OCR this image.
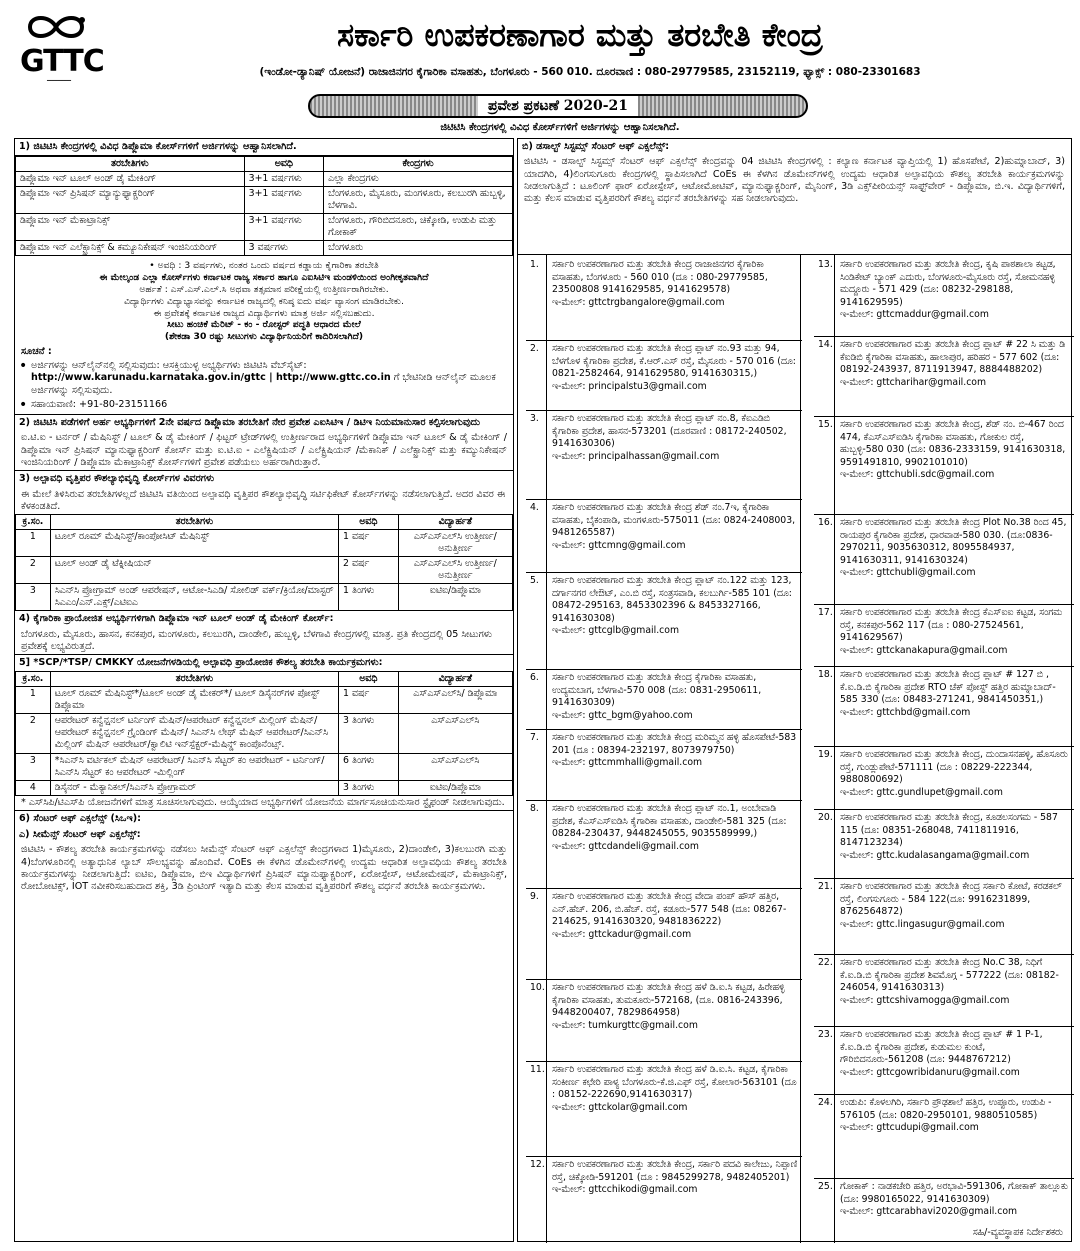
GTTC
━━━━━━━━
ಸರ್ಕಾರಿ ಉಪಕರಣಾಗಾರ ಮತ್ತು ತರಬೇತಿ ಕೇಂದ್ರ
(ಇಂಡೋ-ಡ್ಯಾನಿಷ್ ಯೋಜನೆ) ರಾಜಾಜಿನಗರ ಕೈಗಾರಿಕಾ ವಸಾಹತು, ಬೆಂಗಳೂರು - 560 010. ದೂರವಾಣಿ : 080-29779585, 23152119, ಫ್ಯಾಕ್ಸ್ : 080-23301683
ಪ್ರವೇಶ ಪ್ರಕಟಣೆ 2020-21
ಜಿಟಿಟಿಸಿ ಕೇಂದ್ರಗಳಲ್ಲಿ ವಿವಿಧ ಕೋರ್ಸ್‌ಗಳಿಗೆ ಅರ್ಜಿಗಳನ್ನು ಆಹ್ವಾನಿಸಲಾಗಿದೆ.
1) ಜಿಟಿಟಿಸಿ ಕೇಂದ್ರಗಳಲ್ಲಿ ವಿವಿಧ ಡಿಪ್ಲೊಮಾ ಕೋರ್ಸ್‌ಗಳಿಗೆ ಅರ್ಜಿಗಳನ್ನು ಆಹ್ವಾನಿಸಲಾಗಿದೆ.
ತರಬೇತಿಗಳು	ಅವಧಿ	ಕೇಂದ್ರಗಳು
ಡಿಪ್ಲೊಮಾ ಇನ್ ಟೂಲ್ ಅಂಡ್ ಡೈ ಮೇಕಿಂಗ್	3+1 ವರ್ಷಗಳು	ಎಲ್ಲಾ ಕೇಂದ್ರಗಳು
ಡಿಪ್ಲೊಮಾ ಇನ್ ಪ್ರಿಸಿಷನ್ ಮ್ಯಾನ್ಯುಫ್ಯಾಕ್ಚರಿಂಗ್	3+1 ವರ್ಷಗಳು	ಬೆಂಗಳೂರು, ಮೈಸೂರು, ಮಂಗಳೂರು, ಕಲಬುರಗಿ ಹುಬ್ಬಳ್ಳಿ, ಬೆಳಗಾವಿ.
ಡಿಪ್ಲೊಮಾ ಇನ್ ಮೆಕಾಟ್ರಾನಿಕ್ಸ್	3+1 ವರ್ಷಗಳು	ಬೆಂಗಳೂರು, ಗೌರಿಬಿದನೂರು, ಚಿಕ್ಕೋಡಿ, ಉಡುಪಿ ಮತ್ತು ಗೋಕಾಕ್
ಡಿಪ್ಲೊಮಾ ಇನ್ ಎಲೆಕ್ಟ್ರಾನಿಕ್ಸ್ & ಕಮ್ಯೂನಿಕೇಷನ್ ಇಂಜಿನಿಯರಿಂಗ್	3 ವರ್ಷಗಳು	ಬೆಂಗಳೂರು
• ಅವಧಿ : 3 ವರ್ಷಗಳು, ನಂತರ ಒಂದು ವರ್ಷದ ಕಡ್ಡಾಯ ಕೈಗಾರಿಕಾ ತರಬೇತಿ
ಈ ಮೇಲ್ಕಂಡ ಎಲ್ಲಾ ಕೋರ್ಸ್‌ಗಳು ಕರ್ನಾಟಕ ರಾಜ್ಯ ಸರ್ಕಾರ ಹಾಗೂ ಎಐಸಿಟಿಇ ಮಂಡಳಿಯಿಂದ ಅಂಗೀಕೃತವಾಗಿದೆ
ಅರ್ಹತೆ : ಎಸ್.ಎಸ್.ಎಲ್.ಸಿ ಅಥವಾ ತತ್ಸಮಾನ ಪರೀಕ್ಷೆಯಲ್ಲಿ ಉತ್ತೀರ್ಣರಾಗಿರಬೇಕು.
ವಿದ್ಯಾರ್ಥಿಗಳು ವಿದ್ಯಾಭ್ಯಾಸವನ್ನು ಕರ್ನಾಟಕ ರಾಜ್ಯದಲ್ಲಿ ಕನಿಷ್ಠ ಐದು ವರ್ಷ ವ್ಯಾಸಂಗ ಮಾಡಿರಬೇಕು.
ಈ ಪ್ರವೇಶಕ್ಕೆ ಕರ್ನಾಟಕ ರಾಜ್ಯದ ವಿದ್ಯಾರ್ಥಿಗಳು ಮಾತ್ರ ಅರ್ಜಿ ಸಲ್ಲಿಸಬಹುದು.
ಸೀಟು ಹಂಚಿಕೆ ಮೆರಿಟ್ - ಕಂ - ರೋಸ್ಟರ್ ಪದ್ಧತಿ ಆಧಾರದ ಮೇಲೆ
(ಶೇಕಡಾ 30 ರಷ್ಟು ಸೀಟುಗಳು ವಿದ್ಯಾರ್ಥಿನಿಯರಿಗೆ ಕಾದಿರಿಸಲಾಗಿದೆ)
ಸೂಚನೆ :
• ಅರ್ಜಿಗಳನ್ನು ಆನ್‌ಲೈನ್‌ನಲ್ಲಿ ಸಲ್ಲಿಸುವುದು: ಆಸಕ್ತಿಯುಳ್ಳ ಅಭ್ಯರ್ಥಿಗಳು ಜಿಟಿಟಿಸಿ ವೆಬ್‌ಸೈಟ್: http://www.karunadu.karnataka.gov.in/gttc | http://www.gttc.co.in ಗೆ ಭೇಟಿನೀಡಿ ಆನ್‌ಲೈನ್ ಮೂಲಕ ಅರ್ಜಿಗಳನ್ನು ಸಲ್ಲಿಸುವುದು.
• ಸಹಾಯವಾಣಿ: +91-80-23151166
2) ಜಿಟಿಟಿಸಿ ಪಡೆಗಳಿಗೆ ಅರ್ಹ ಅಭ್ಯರ್ಥಿಗಳಿಗೆ 2ನೇ ವರ್ಷದ ಡಿಪ್ಲೊಮಾ ತರಬೇತಿಗೆ ನೇರ ಪ್ರವೇಶ ಎಐಸಿಟಿಇ / ಡಿಟಿಇ ನಿಯಮಾನುಸಾರ ಕಲ್ಪಿಸಲಾಗುವುದು
ಐ.ಟಿ.ಐ - ಟರ್ನರ್ / ಮೆಷಿನಿಸ್ಟ್ / ಟೂಲ್ & ಡೈ ಮೇಕಿಂಗ್ / ಫಿಟ್ಟರ್ ಟ್ರೇಡ್‌ಗಳಲ್ಲಿ ಉತ್ತೀರ್ಣರಾದ ಅಭ್ಯರ್ಥಿಗಳಿಗೆ ಡಿಪ್ಲೊಮಾ ಇನ್ ಟೂಲ್ & ಡೈ ಮೇಕಿಂಗ್ / ಡಿಪ್ಲೊಮಾ ಇನ್ ಪ್ರಿಸಿಷನ್ ಮ್ಯಾನುಫ್ಯಾಕ್ಚರಿಂಗ್ ಕೋರ್ಸ್ ಮತ್ತು ಐ.ಟಿ.ಐ - ಎಲೆಕ್ಟ್ರಿಷಿಯನ್ / ಎಲೆಕ್ಟ್ರಿಷಿಯನ್ /ಮೆಕಾನಿಕ್ / ಎಲೆಕ್ಟ್ರಾನಿಕ್ಸ್ ಮತ್ತು ಕಮ್ಯುನಿಕೇಷನ್ ಇಂಜಿನಿಯರಿಂಗ್ / ಡಿಪ್ಲೊಮಾ ಮೆಕಾಟ್ರಾನಿಕ್ಸ್ ಕೋರ್ಸ್‌ಗಳಿಗೆ ಪ್ರವೇಶ ಪಡೆಯಲು ಅರ್ಹರಾಗಿರುತ್ತಾರೆ.
3) ಅಲ್ಪಾವಧಿ ವೃತ್ತಿಪರ ಕೌಶಲ್ಯಾಭಿವೃದ್ಧಿ ಕೋರ್ಸ್‌ಗಳ ವಿವರಗಳು
ಈ ಮೇಲೆ ತಿಳಿಸಿರುವ ತರಬೇತಿಗಳಲ್ಲದೆ ಜಿಟಿಟಿಸಿ ವತಿಯಿಂದ ಅಲ್ಪಾವಧಿ ವೃತ್ತಿಪರ ಕೌಶಲ್ಯಾಭಿವೃದ್ಧಿ ಸರ್ಟಿಫಿಕೇಟ್ ಕೋರ್ಸ್‌ಗಳನ್ನು ನಡೆಸಲಾಗುತ್ತಿದೆ. ಅದರ ವಿವರ ಈ ಕೆಳಕಂಡತಿದೆ.
ಕ್ರ.ಸಂ.	ತರಬೇತಿಗಳು	ಅವಧಿ	ವಿದ್ಯಾರ್ಹತೆ
1	ಟೂಲ್ ರೂಮ್ ಮೆಷಿನಿಸ್ಟ್/ಕಾಂಪೋಸಿಟ್ ಮೆಷಿನಿಸ್ಟ್	1 ವರ್ಷ	ಎಸ್‌ಎಸ್‌ಎಲ್‌ಸಿ ಉತ್ತೀರ್ಣ/ಅನುತ್ತೀರ್ಣ
2	ಟೂಲ್ ಅಂಡ್ ಡೈ ಟೆಕ್ನೀಷಿಯನ್	2 ವರ್ಷ	ಎಸ್‌ಎಸ್‌ಎಲ್‌ಸಿ ಉತ್ತೀರ್ಣ/ಅನುತ್ತೀರ್ಣ
3	ಸಿಎನ್‌ಸಿ ಪ್ರೋಗ್ರಾಮ್ ಅಂಡ್ ಆಪರೇಷನ್, ಆಟೋ-ಸಿಎಡಿ/ ಸೋಲಿಡ್ ವರ್ಕ್/ಕ್ರಿಯೋ/ಮಾಸ್ಟರ್ ಸಿಎಎಂ/ಎನ್.ಎಕ್ಸ್/ಎಟಿಐಎ	1 ತಿಂಗಳು	ಐಟಿಐ/ಡಿಪ್ಲೊಮಾ
4) ಕೈಗಾರಿಕಾ ಪ್ರಾಯೋಜಿತ ಅಭ್ಯರ್ಥಿಗಳಿಗಾಗಿ ಡಿಪ್ಲೊಮಾ ಇನ್ ಟೂಲ್ ಅಂಡ್ ಡೈ ಮೇಕಿಂಗ್ ಕೋರ್ಸ್:
ಬೆಂಗಳೂರು, ಮೈಸೂರು, ಹಾಸನ, ಕನಕಪುರ, ಮಂಗಳೂರು, ಕಲಬುರಗಿ, ದಾಂಡೇಲಿ, ಹುಬ್ಬಳ್ಳಿ, ಬೆಳಗಾವಿ ಕೇಂದ್ರಗಳಲ್ಲಿ ಮಾತ್ರ. ಪ್ರತಿ ಕೇಂದ್ರದಲ್ಲಿ 05 ಸೀಟುಗಳು ಪ್ರವೇಶಕ್ಕೆ ಲಭ್ಯವಿರುತ್ತದೆ.
5] *SCP/*TSP/ CMKKY ಯೋಜನೆಗಳಡಿಯಲ್ಲಿ ಅಲ್ಪಾವಧಿ ಪ್ರಾಯೋಜಿಕ ಕೌಶಲ್ಯ ತರಬೇತಿ ಕಾರ್ಯಕ್ರಮಗಳು:
ಕ್ರ.ಸಂ.	ತರಬೇತಿಗಳು	ಅವಧಿ	ವಿದ್ಯಾರ್ಹತೆ
1	ಟೂಲ್ ರೂಮ್ ಮೆಷಿನಿಸ್ಟ್*/ಟೂಲ್ ಅಂಡ್ ಡೈ ಮೇಕರ್*/ ಟೂಲ್ ಡಿಸೈನರ್‌ಗಳ ಪೋಸ್ಟ್ ಡಿಪ್ಲೊಮಾ	1 ವರ್ಷ	ಎಸ್‌ಎಸ್‌ಎಲ್‌ಸಿ/ ಡಿಪ್ಲೊಮಾ
2	ಆಪರೇಟರ್ ಕನ್ವೆನ್ಷನಲ್ ಟರ್ನಿಂಗ್ ಮೆಷಿನ್/ಆಪರೇಟರ್ ಕನ್ವೆನ್ಷನಲ್ ಮಿಲ್ಲಿಂಗ್ ಮೆಷಿನ್/ಆಪರೇಟರ್ ಕನ್ವೆನ್ಷನಲ್ ಗ್ರೈಂಡಿಂಗ್ ಮೆಷಿನ್/ ಸಿಎನ್‌ಸಿ ಲೇಥ್ ಮೆಷಿನ್ ಆಪರೇಟರ್/ಸಿಎನ್‌ಸಿ ಮಿಲ್ಲಿಂಗ್ ಮೆಷಿನ್ ಆಪರೇಟರ್/ಕ್ವಾಲಿಟಿ ಇನ್‌ಸ್ಪೆಕ್ಟರ್-ಮೆಷಿನ್ಡ್ ಕಾಂಪೊನೆಂಟ್ಸ್.	3 ತಿಂಗಳು	ಎಸ್‌ಎಸ್‌ಎಲ್‌ಸಿ
3	*ಸಿಎನ್‌ಸಿ ವರ್ಟಿಕಲ್ ಮೆಷಿನ್ ಆಪರೇಟರ್/ ಸಿಎನ್‌ಸಿ ಸೆಟ್ಟರ್ ಕಂ ಆಪರೇಟರ್ - ಟರ್ನಿಂಗ್/ಸಿಎನ್‌ಸಿ ಸೆಟ್ಟರ್ ಕಂ ಆಪರೇಟರ್ -ಮಿಲ್ಲಿಂಗ್	6 ತಿಂಗಳು	ಎಸ್‌ಎಸ್‌ಎಲ್‌ಸಿ
4	ಡಿಸೈನರ್ - ಮೆಕ್ಯಾನಿಕಲ್/ಸಿಎನ್‌ಸಿ ಪ್ರೋಗ್ರಾಮರ್	3 ತಿಂಗಳು	ಐಟಿಐ/ಡಿಪ್ಲೊಮಾ
* ಎಸ್‌ಸಿಪಿ/ಟಿಎಸ್‌ಪಿ ಯೋಜನೆಗಳಿಗೆ ಮಾತ್ರ ಸೂಚಿಸಲಾಗುವುದು. ಆಯ್ಕೆಯಾದ ಅಭ್ಯರ್ಥಿಗಳಿಗೆ ಯೋಜನೆಯ ಮಾರ್ಗಸೂಚಿಯನುಸಾರ ಸ್ಟೈಫಂಡ್ ನೀಡಲಾಗುವುದು.
6) ಸೆಂಟರ್ ಆಫ್ ಎಕ್ಸಲೆನ್ಸ್ (ಸಿಒಇ):
ಎ) ಸೀಮೆನ್ಸ್ ಸೆಂಟರ್ ಆಫ್ ಎಕ್ಸಲೆನ್ಸ್:
ಜಿಟಿಟಿಸಿ - ಕೌಶಲ್ಯ ತರಬೇತಿ ಕಾರ್ಯಕ್ರಮಗಳನ್ನು ನಡೆಸಲು ಸೀಮೆನ್ಸ್ ಸೆಂಟರ್ ಆಫ್ ಎಕ್ಸಲೆನ್ಸ್ ಕೇಂದ್ರಗಳಾದ 1)ಮೈಸೂರು, 2)ದಾಂಡೇಲಿ, 3)ಕಲಬುರಗಿ ಮತ್ತು 4)ಬೆಂಗಳೂರಿನಲ್ಲಿ ಅತ್ಯಾಧುನಿಕ ಲ್ಯಾಬ್ ಸೌಲಭ್ಯವನ್ನು ಹೊಂದಿವೆ. CoEs ಈ ಕೆಳಗಿನ ಡೊಮೇನ್‌ಗಳಲ್ಲಿ ಉದ್ಯಮ ಆಧಾರಿತ ಅಲ್ಪಾವಧಿಯ ಕೌಶಲ್ಯ ತರಬೇತಿ ಕಾರ್ಯಕ್ರಮಗಳನ್ನು ನೀಡಲಾಗುತ್ತಿದೆ: ಐಟಿಐ, ಡಿಪ್ಲೊಮಾ, ಬಿಇ ವಿದ್ಯಾರ್ಥಿಗಳಿಗೆ ಪ್ರಿಸಿಷನ್ ಮ್ಯಾನುಫ್ಯಾಕ್ಚರಿಂಗ್, ಏರೋಸ್ಪೇಸ್, ಆಟೋಮೇಷನ್, ಮೆಕಾಟ್ರಾನಿಕ್ಸ್, ರೋಬೋಟಿಕ್ಸ್, IOT ನವೀಕರಿಸಬಹುದಾದ ಶಕ್ತಿ, 3ಡಿ ಪ್ರಿಂಟಿಂಗ್ ಇತ್ಯಾದಿ ಮತ್ತು ಕೆಲಸ ಮಾಡುವ ವೃತ್ತಿಪರರಿಗೆ ಕೌಶಲ್ಯ ವರ್ಧನೆ ತರಬೇತಿ ಕಾರ್ಯಕ್ರಮಗಳು.
ಬಿ) ಡಸಾಲ್ಟ್ ಸಿಸ್ಟಮ್ಸ್ ಸೆಂಟರ್ ಆಫ್ ಎಕ್ಸಲೆನ್ಸ್:
ಜಿಟಿಟಿಸಿ - ಡಸಾಲ್ಟ್ ಸಿಸ್ಟಮ್ಸ್ ಸೆಂಟರ್ ಆಫ್ ಎಕ್ಸಲೆನ್ಸ್ ಕೇಂದ್ರವನ್ನು 04 ಜಿಟಿಟಿಸಿ ಕೇಂದ್ರಗಳಲ್ಲಿ : ಕಲ್ಯಾಣ ಕರ್ನಾಟಕ ವ್ಯಾಪ್ತಿಯಲ್ಲಿ 1) ಹೊಸಪೇಟೆ, 2)ಹುಮ್ನಾಬಾದ್, 3) ಯಾದಗಿರಿ, 4)ಲಿಂಗಸುಗೂರು ಕೇಂದ್ರಗಳಲ್ಲಿ ಸ್ಥಾಪಿಸಲಾಗಿದೆ CoEs ಈ ಕೆಳಗಿನ ಡೊಮೇನ್‌ಗಳಲ್ಲಿ ಉದ್ಯಮ ಆಧಾರಿತ ಅಲ್ಪಾವಧಿಯ ಕೌಶಲ್ಯ ತರಬೇತಿ ಕಾರ್ಯಕ್ರಮಗಳನ್ನು ನೀಡಲಾಗುತ್ತಿದೆ : ಟೂಲಿಂಗ್ ಫಾರ್ ಏರೋಸ್ಪೇಸ್, ಆಟೋಮೋಟಿವ್, ಮ್ಯಾನುಫ್ಯಾಕ್ಚರಿಂಗ್, ಮೈನಿಂಗ್, 3ಡಿ ಎಕ್ಸ್‌ಪೀರಿಯನ್ಸ್ ಸಾಫ್ಟ್‌ವೇರ್ - ಡಿಪ್ಲೊಮಾ, ಬಿ.ಇ. ವಿದ್ಯಾರ್ಥಿಗಳಿಗೆ, ಮತ್ತು ಕೆಲಸ ಮಾಡುವ ವೃತ್ತಿಪರರಿಗೆ ಕೌಶಲ್ಯ ವರ್ಧನೆ ತರಬೇತಿಗಳನ್ನು ಸಹ ನೀಡಲಾಗುವುದು.
1. ಸರ್ಕಾರಿ ಉಪಕರಣಾಗಾರ ಮತ್ತು ತರಬೇತಿ ಕೇಂದ್ರ ರಾಜಾಜಿನಗರ ಕೈಗಾರಿಕಾ ವಸಾಹತು, ಬೆಂಗಳೂರು - 560 010 (ದೂ : 080-29779585, 23500808 9141629585, 9141629578)
ಇ-ಮೇಲ್: gttctrgbangalore@gmail.com
2. ಸರ್ಕಾರಿ ಉಪಕರಣಾಗಾರ ಮತ್ತು ತರಬೇತಿ ಕೇಂದ್ರ ಪ್ಲಾಟ್ ನಂ.93 ಮತ್ತು 94, ಬೆಳಗೊಳ ಕೈಗಾರಿಕಾ ಪ್ರದೇಶ, ಕೆ.ಆರ್.ಎಸ್ ರಸ್ತೆ, ಮೈಸೂರು - 570 016 (ದೂ: 0821-2582464, 9141629580, 9141630315,)
ಇ-ಮೇಲ್: principalstu3@gmail.com
3. ಸರ್ಕಾರಿ ಉಪಕರಣಾಗಾರ ಮತ್ತು ತರಬೇತಿ ಕೇಂದ್ರ ಪ್ಲಾಟ್ ನಂ.8, ಕೆಐಎಡಿಬಿ ಕೈಗಾರಿಕಾ ಪ್ರದೇಶ, ಹಾಸನ-573201 (ದೂರವಾಣಿ : 08172-240502, 9141630306)
ಇ-ಮೇಲ್: principalhassan@gmail.com
4. ಸರ್ಕಾರಿ ಉಪಕರಣಾಗಾರ ಮತ್ತು ತರಬೇತಿ ಕೇಂದ್ರ ಶೆಡ್ ನಂ.7ಇ, ಕೈಗಾರಿಕಾ ವಸಾಹತು, ಬೈಕಂಪಾಡಿ, ಮಂಗಳೂರು-575011 (ದೂ: 0824-2408003, 9481265587)
ಇ-ಮೇಲ್: gttcmng@gmail.com
5. ಸರ್ಕಾರಿ ಉಪಕರಣಾಗಾರ ಮತ್ತು ತರಬೇತಿ ಕೇಂದ್ರ ಪ್ಲಾಟ್ ನಂ.122 ಮತ್ತು 123, ದರ್ಗಾನಗರ ಲೇಔಟ್, ಎಂ.ಬಿ ರಸ್ತೆ, ಸಂತ್ರಸವಾಡಿ, ಕಲಬುರ್ಗಿ-585 101 (ದೂ: 08472-295163, 8453302396 & 8453327166, 9141630308)
ಇ-ಮೇಲ್: gttcglb@gmail.com
6. ಸರ್ಕಾರಿ ಉಪಕರಣಾಗಾರ ಮತ್ತು ತರಬೇತಿ ಕೇಂದ್ರ ಕೈಗಾರಿಕಾ ವಸಾಹತು, ಉದ್ಯಮಬಾಗ, ಬೆಳಗಾವಿ-570 008 (ದೂ: 0831-2950611, 9141630309)
ಇ-ಮೇಲ್: gttc_bgm@yahoo.com
7. ಸರ್ಕಾರಿ ಉಪಕರಣಾಗಾರ ಮತ್ತು ತರಬೇತಿ ಕೇಂದ್ರ ಮರಿಮ್ಮನ ಹಳ್ಳಿ ಹೊಸಪೇಟೆ-583 201 (ದೂ : 08394-232197, 8073979750)
ಇ-ಮೇಲ್: gttcmmhalli@gmail.com
8. ಸರ್ಕಾರಿ ಉಪಕರಣಾಗಾರ ಮತ್ತು ತರಬೇತಿ ಕೇಂದ್ರ ಪ್ಲಾಟ್ ನಂ.1, ಅಂಬೇವಾಡಿ ಪ್ರದೇಶ, ಕೆಎಸ್‌ಎಸ್‌ಐಡಿಸಿ ಕೈಗಾರಿಕಾ ವಸಾಹತು, ದಾಂಡೇಲಿ-581 325 (ದೂ: 08284-230437, 9448245055, 9035589999,)
ಇ-ಮೇಲ್: gttcdandeli@gmail.com
9. ಸರ್ಕಾರಿ ಉಪಕರಣಾಗಾರ ಮತ್ತು ತರಬೇತಿ ಕೇಂದ್ರ ವೇದಾ ಪಂಪ್ ಹೌಸ್ ಹತ್ತಿರ, ಎನ್.ಹೆಚ್. 206, ಬಿ.ಹೆಚ್. ರಸ್ತೆ, ಕಡೂರು-577 548 (ದೂ: 08267-214625, 9141630320, 9481836222)
ಇ-ಮೇಲ್: gttckadur@gmail.com
10. ಸರ್ಕಾರಿ ಉಪಕರಣಾಗಾರ ಮತ್ತು ತರಬೇತಿ ಕೇಂದ್ರ ಹಳೆ ಡಿ.ಐ.ಸಿ ಕಟ್ಟಡ, ಹಿರೇಹಳ್ಳಿ ಕೈಗಾರಿಕಾ ವಸಾಹತು, ತುಮಕೂರು-572168, (ದೂ. 0816-243396, 9448200407, 7829864958)
ಇ-ಮೇಲ್: tumkurgttc@gmail.com
11. ಸರ್ಕಾರಿ ಉಪಕರಣಾಗಾರ ಮತ್ತು ತರಬೇತಿ ಕೇಂದ್ರ ಹಳೆ ಡಿ.ಐ.ಸಿ. ಕಟ್ಟಡ, ಕೈಗಾರಿಕಾ ಸಂಕೀರ್ಣ ಕಛೇರಿ ಪಾಳ್ಯ ಬೆಂಗಳೂರು-ಕೆ.ಜಿ.ಎಫ್ ರಸ್ತೆ, ಕೋಲಾರ-563101 (ದೂ : 08152-222690,9141630317)
ಇ-ಮೇಲ್: gttckolar@gmail.com
12. ಸರ್ಕಾರಿ ಉಪಕರಣಾಗಾರ ಮತ್ತು ತರಬೇತಿ ಕೇಂದ್ರ, ಸರ್ಕಾರಿ ಪದವಿ ಕಾಲೇಜು, ನಿಪ್ಪಾಣಿ ರಸ್ತೆ, ಚಿಕ್ಕೋಡಿ-591201 (ದೂ : 9845299278, 9482405201)
ಇ-ಮೇಲ್: gttcchikodi@gmail.com
13. ಸರ್ಕಾರಿ ಉಪಕರಣಾಗಾರ ಮತ್ತು ತರಬೇತಿ ಕೇಂದ್ರ, ಕೃಷಿ ಪಾಠಶಾಲಾ ಕಟ್ಟಡ, ಸಿಂಡಿಕೇಟ್ ಬ್ಯಾಂಕ್ ಎದುರು, ಬೆಂಗಳೂರು-ಮೈಸೂರು ರಸ್ತೆ, ಸೋಮನಹಳ್ಳಿ ಮದ್ದೂರು - 571 429 (ದೂ: 08232-298188, 9141629595)
ಇ-ಮೇಲ್: gttcmaddur@gmail.com
14. ಸರ್ಕಾರಿ ಉಪಕರಣಾಗಾರ ಮತ್ತು ತರಬೇತಿ ಕೇಂದ್ರ ಪ್ಲಾಟ್ # 22 ಸಿ ಮತ್ತು ಡಿ ಕೆಐಡಿಬಿ ಕೈಗಾರಿಕಾ ವಸಾಹತು, ಹಾಲಾಪುರ, ಹರಿಹರ - 577 602 (ದೂ: 08192-243937, 8711913947, 8884488202)
ಇ-ಮೇಲ್: gttcharihar@gmail.com
15. ಸರ್ಕಾರಿ ಉಪಕರಣಾಗಾರ ಮತ್ತು ತರಬೇತಿ ಕೇಂದ್ರ, ಶೆಡ್ ನಂ. ಬಿ-467 ರಿಂದ 474, ಕೆಎಸ್‌ಎಸ್‌ಐಡಿಸಿ ಕೈಗಾರಿಕಾ ವಸಾಹತು, ಗೋಕುಲ ರಸ್ತೆ, ಹುಬ್ಬಳ್ಳಿ-580 030 (ದೂ: 0836-2333159, 9141630318, 9591491810, 9902101010)
ಇ-ಮೇಲ್: gttchubli.sdc@gmail.com
16. ಸರ್ಕಾರಿ ಉಪಕರಣಾಗಾರ ಮತ್ತು ತರಬೇತಿ ಕೇಂದ್ರ Plot No.38 ರಿಂದ 45, ರಾಯಪುರ ಕೈಗಾರಿಕಾ ಪ್ರದೇಶ, ಧಾರವಾಡ-580 030. (ದೂ:0836-2970211, 9035630312, 8095584937, 9141630311, 9141630324)
ಇ-ಮೇಲ್: gttchubli@gmail.com
17. ಸರ್ಕಾರಿ ಉಪಕರಣಾಗಾರ ಮತ್ತು ತರಬೇತಿ ಕೇಂದ್ರ ಕೆಎಸ್‌ಐಐ ಕಟ್ಟಡ, ಸಂಗಮ ರಸ್ತೆ, ಕನಕಪುರ-562 117 (ದೂ : 080-27524561, 9141629567)
ಇ-ಮೇಲ್: gttckanakapura@gmail.com
18. ಸರ್ಕಾರಿ ಉಪಕರಣಾಗಾರ ಮತ್ತು ತರಬೇತಿ ಕೇಂದ್ರ ಪ್ಲಾಟ್ # 127 ಬಿ , ಕೆ.ಐ.ಡಿ.ಬಿ ಕೈಗಾರಿಕಾ ಪ್ರದೇಶ RTO ಚೆಕ್ ಪೋಸ್ಟ್ ಹತ್ತಿರ ಹುಮ್ನಾಬಾದ್- 585 330 (ದೂ: 08483-271241, 9841450351,)
ಇ-ಮೇಲ್: gttchbd@gmail.com
19. ಸರ್ಕಾರಿ ಉಪಕರಣಾಗಾರ ಮತ್ತು ತರಬೇತಿ ಕೇಂದ್ರ, ದುಂದಾಸನಹಳ್ಳಿ, ಹೊಸೂರು ರಸ್ತೆ, ಗುಂಡ್ಲುಪೇಟೆ-571111 (ದೂ : 08229-222344, 9880800692)
ಇ-ಮೇಲ್: gttc.gundlupet@gmail.com
20. ಸರ್ಕಾರಿ ಉಪಕರಣಾಗಾರ ಮತ್ತು ತರಬೇತಿ ಕೇಂದ್ರ, ಕೂಡಲಸಂಗಮ - 587 115 (ದೂ: 08351-268048, 7411811916, 8147123234)
ಇ-ಮೇಲ್: gttc.kudalasangama@gmail.com
21. ಸರ್ಕಾರಿ ಉಪಕರಣಾಗಾರ ಮತ್ತು ತರಬೇತಿ ಕೇಂದ್ರ ಸರ್ಕಾರಿ ಕೋಟೆ, ಕರಡಕಲ್ ರಸ್ತೆ, ಲಿಂಗಸುಗೂರು - 584 122(ದೂ: 9916231899, 8762564872)
ಇ-ಮೇಲ್: gttc.lingasugur@gmail.com
22. ಸರ್ಕಾರಿ ಉಪಕರಣಾಗಾರ ಮತ್ತು ತರಬೇತಿ ಕೇಂದ್ರ No.C 38, ನಿಧಿಗೆ ಕೆ.ಐ.ಡಿ.ಬಿ ಕೈಗಾರಿಕಾ ಪ್ರದೇಶ ಶಿವಮೊಗ್ಗ - 577222 (ದೂ: 08182-246054, 9141630313)
ಇ-ಮೇಲ್: gttcshivamogga@gmail.com
23. ಸರ್ಕಾರಿ ಉಪಕರಣಾಗಾರ ಮತ್ತು ತರಬೇತಿ ಕೇಂದ್ರ ಪ್ಲಾಟ್ # 1 P-1, ಕೆ.ಐ.ಡಿ.ಬಿ ಕೈಗಾರಿಕಾ ಪ್ರದೇಶ, ಕುಡುಮಲ ಕುಂಟೆ, ಗೌರಿಬಿದನೂರು-561208 (ದೂ: 9448767212)
ಇ-ಮೇಲ್: gttcgowribidanuru@gmail.com
24. ಉಡುಪಿ: ಕೊಳಲಗಿರಿ, ಸರ್ಕಾರಿ ಪ್ರೌಢಶಾಲೆ ಹತ್ತಿರ, ಉಪ್ಪೂರು, ಉಡುಪಿ - 576105 (ದೂ: 0820-2950101, 9880510585)
ಇ-ಮೇಲ್: gttcudupi@gmail.com
25. ಗೋಕಾಕ್ : ನಾಡಕಚೇರಿ ಹತ್ತಿರ, ಅರಭಾವಿ-591306, ಗೋಕಾಕ್ ತಾಲ್ಲೂಕು (ದೂ: 9980165022, 9141630309)
ಇ-ಮೇಲ್: gttcarabhavi2020@gmail.com
ಸಹಿ/-ವ್ಯವಸ್ಥಾಪಕ ನಿರ್ದೇಶಕರು
